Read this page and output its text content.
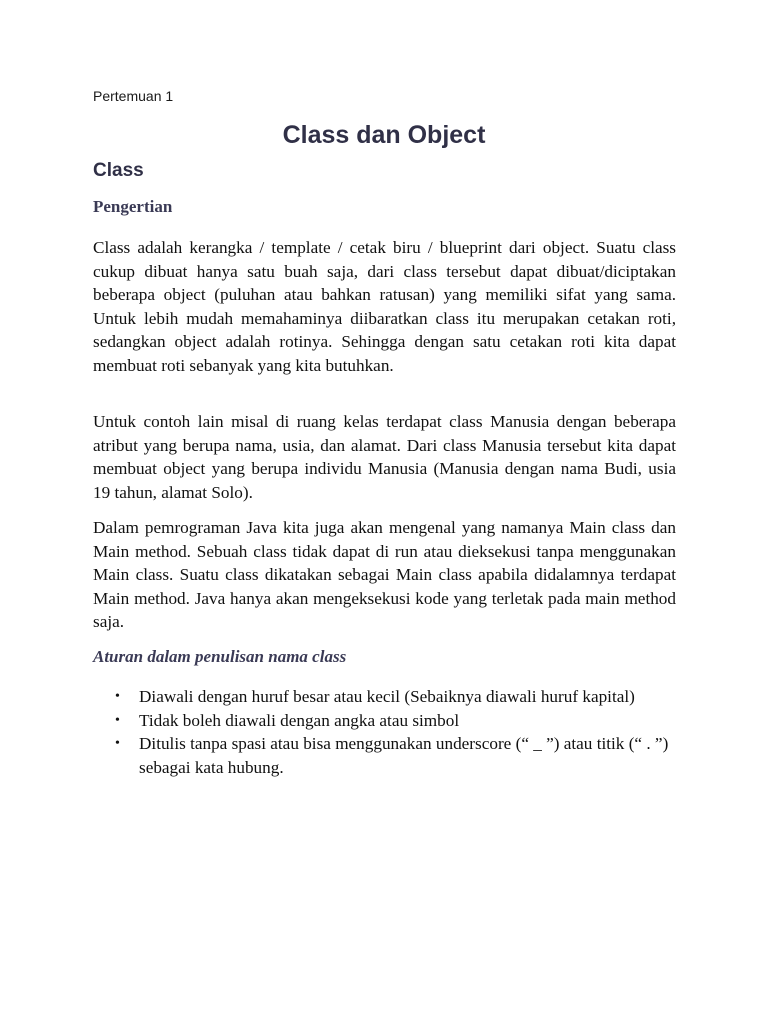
Pertemuan 1
Class dan Object
Class
Pengertian

Class adalah kerangka / template / cetak biru / blueprint dari object. Suatu class cukup dibuat hanya satu buah saja, dari class tersebut dapat dibuat/diciptakan beberapa object (puluhan atau bahkan ratusan) yang memiliki sifat yang sama. Untuk lebih mudah memahaminya diibaratkan class itu merupakan cetakan roti, sedangkan object adalah rotinya. Sehingga dengan satu cetakan roti kita dapat membuat roti sebanyak yang kita butuhkan.

Untuk contoh lain misal di ruang kelas terdapat class Manusia dengan beberapa atribut yang berupa nama, usia, dan alamat. Dari class Manusia tersebut kita dapat membuat object yang berupa individu Manusia (Manusia dengan nama Budi, usia 19 tahun, alamat Solo).

Dalam pemrograman Java kita juga akan mengenal yang namanya Main class dan Main method. Sebuah class tidak dapat di run atau dieksekusi tanpa menggunakan Main class. Suatu class dikatakan sebagai Main class apabila didalamnya terdapat Main method. Java hanya akan mengeksekusi kode yang terletak pada main method saja.

Aturan dalam penulisan nama class
• Diawali dengan huruf besar atau kecil (Sebaiknya diawali huruf kapital)
• Tidak boleh diawali dengan angka atau simbol
• Ditulis tanpa spasi atau bisa menggunakan underscore (“ _ ”) atau titik (“ . ”) sebagai kata hubung.
